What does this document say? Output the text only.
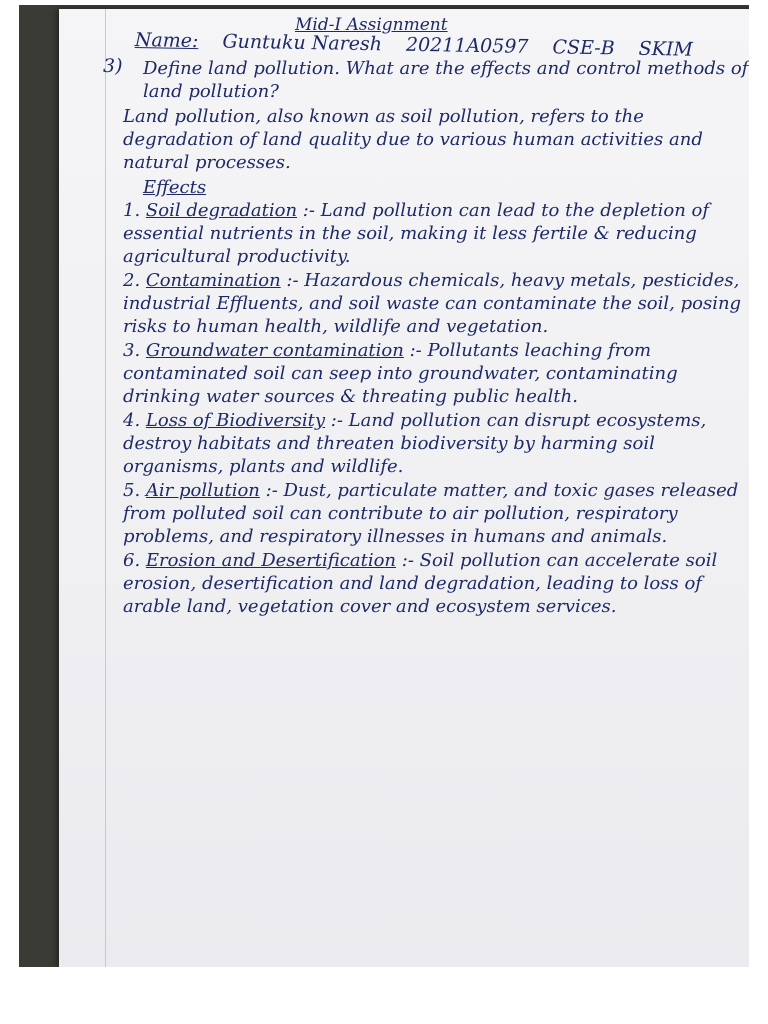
Mid-I Assignment
Name: Guntuku Naresh 20211A0597 CSE-B SKIM
3)	Define land pollution. What are the effects and control methods of land pollution?

Land pollution, also known as soil pollution, refers to the degradation of land quality due to various human activities and natural processes.

Effects

1. Soil degradation :- Land pollution can lead to the depletion of essential nutrients in the soil, making it less fertile & reducing agricultural productivity.

2. Contamination :- Hazardous chemicals, heavy metals, pesticides, industrial Effluents, and soil waste can contaminate the soil, posing risks to human health, wildlife and vegetation.

3. Groundwater contamination :- Pollutants leaching from contaminated soil can seep into groundwater, contaminating drinking water sources & threating public health.

4. Loss of Biodiversity :- Land pollution can disrupt ecosystems, destroy habitats and threaten biodiversity by harming soil organisms, plants and wildlife.

5. Air pollution :- Dust, particulate matter, and toxic gases released from polluted soil can contribute to air pollution, respiratory problems, and respiratory illnesses in humans and animals.

6. Erosion and Desertification :- Soil pollution can accelerate soil erosion, desertification and land degradation, leading to loss of arable land, vegetation cover and ecosystem services.
